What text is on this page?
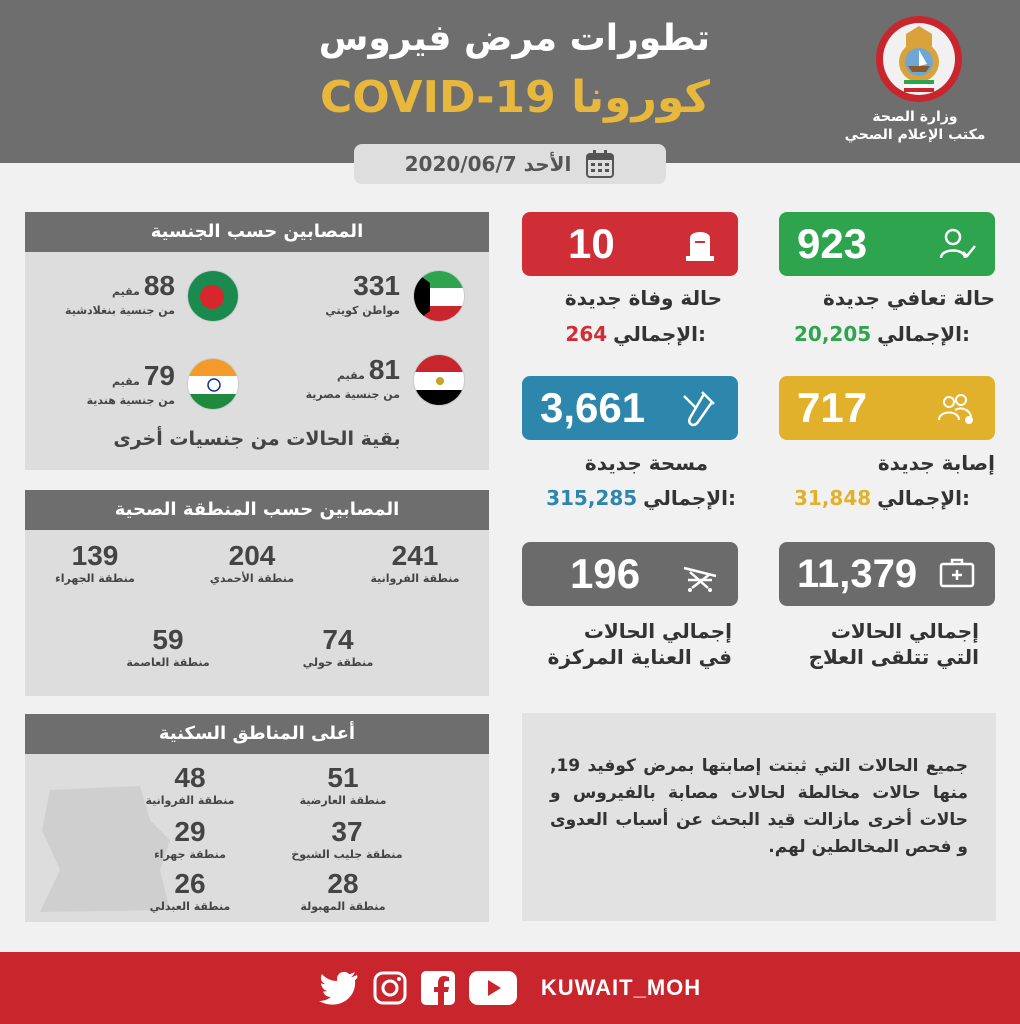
تطورات مرض فيروس
كورونا COVID-19	وزارة الصحة
مكتب الإعلام الصحي
الأحد 2020/06/7
923
حالة تعافي جديدة
20,205 الإجمالي:
717
إصابة جديدة
31,848 الإجمالي:
11,379
إجمالي الحالات
التي تتلقى العلاج
10
حالة وفاة جديدة
264 الإجمالي:
3,661
مسحة جديدة
315,285 الإجمالي:
196
إجمالي الحالات
في العناية المركزة
المصابين حسب الجنسية
331
مواطن كويتي
مقيم 88
من جنسية بنغلادشية
مقيم 81
من جنسية مصرية
مقيم 79
من جنسية هندية
بقية الحالات من جنسيات أخرى
المصابين حسب المنطقة الصحية
241
منطقة الفروانية
204
منطقة الأحمدي
139
منطقة الجهراء
74
منطقة حولي
59
منطقة العاصمة
أعلى المناطق السكنية
51
منطقة العارضية
48
منطقة الفروانية
37
منطقة جليب الشيوخ
29
منطقة جهراء
28
منطقة المهبولة
26
منطقة العبدلي
جميع الحالات التي ثبتت إصابتها بمرض كوفيد 19, منها حالات مخالطة لحالات مصابة بالفيروس و حالات أخرى مازالت قيد البحث عن أسباب العدوى و فحص المخالطين لهم.
KUWAIT_MOH
